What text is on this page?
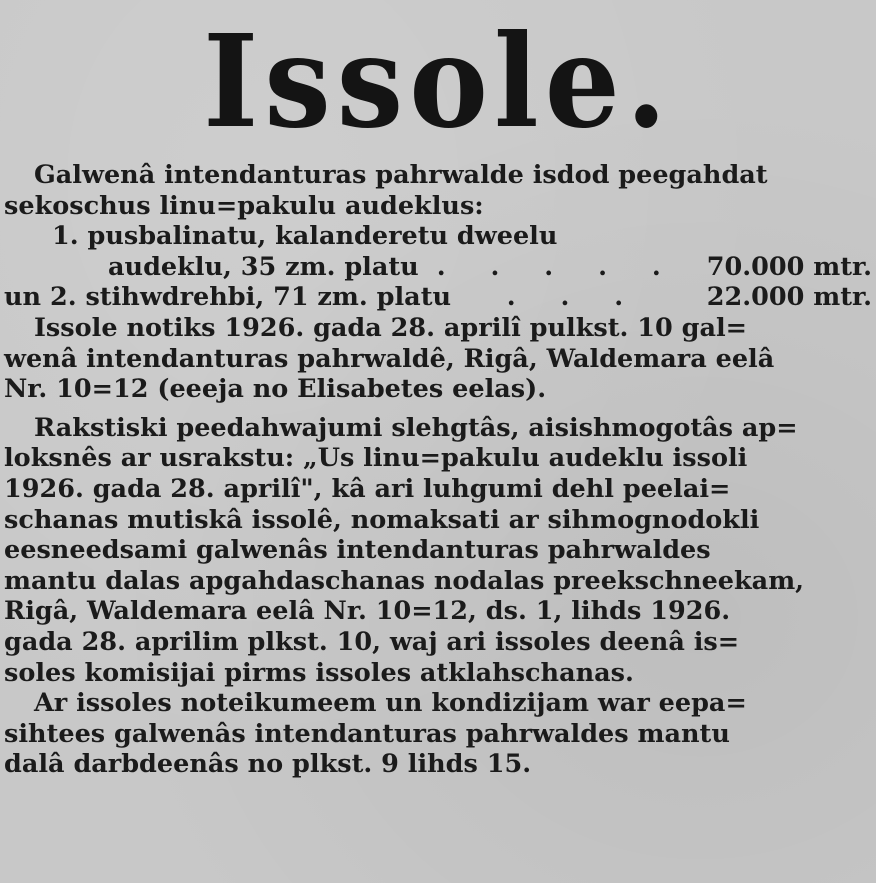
Issole.
Galwenâ intendanturas pahrwalde isdod peegahdat
sekoschus linu=pakulu audeklus:
1. pusbalinatu, kalanderetu dweelu
audeklu, 35 zm. platu . . . . .	70.000 mtr.
un 2. stihwdrehbi, 71 zm. platu	. . .	22.000 mtr.
Issole notiks 1926. gada 28. aprilî pulkst. 10 gal=
wenâ intendanturas pahrwaldê, Rigâ, Waldemara eelâ
Nr. 10=12 (eeeja no Elisabetes eelas).
Rakstiski peedahwajumi slehgtâs, aisishmogotâs ap=
loksnês ar usrakstu: „Us linu=pakulu audeklu issoli
1926. gada 28. aprilî", kâ ari luhgumi dehl peelai=
schanas mutiskâ issolê, nomaksati ar sihmognodokli
eesneedsami galwenâs intendanturas pahrwaldes
mantu dalas apgahdaschanas nodalas preekschneekam,
Rigâ, Waldemara eelâ Nr. 10=12, ds. 1, lihds 1926.
gada 28. aprilim plkst. 10, waj ari issoles deenâ is=
soles komisijai pirms issoles atklahschanas.
Ar issoles noteikumeem un kondizijam war eepa=
sihtees galwenâs intendanturas pahrwaldes mantu
dalâ darbdeenâs no plkst. 9 lihds 15.
